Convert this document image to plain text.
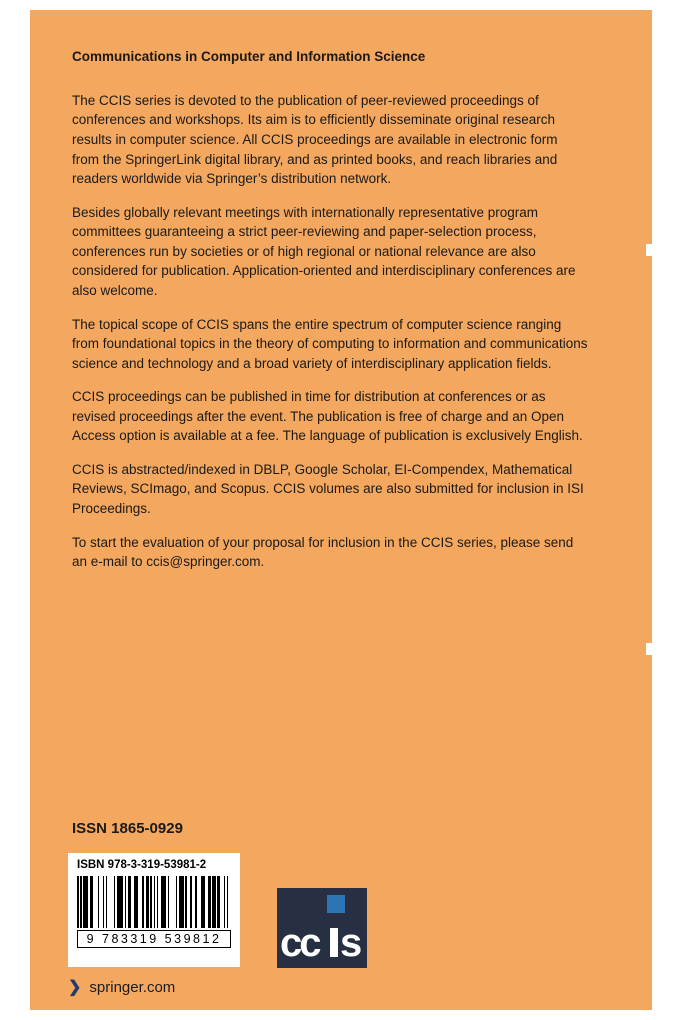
Communications in Computer and Information Science

The CCIS series is devoted to the publication of peer-reviewed proceedings of conferences and workshops. Its aim is to efficiently disseminate original research results in computer science. All CCIS proceedings are available in electronic form from the SpringerLink digital library, and as printed books, and reach libraries and readers worldwide via Springer’s distribution network.

Besides globally relevant meetings with internationally representative program committees guaranteeing a strict peer-reviewing and paper-selection process, conferences run by societies or of high regional or national relevance are also considered for publication. Application-oriented and interdisciplinary conferences are also welcome.

The topical scope of CCIS spans the entire spectrum of computer science ranging from foundational topics in the theory of computing to information and communications science and technology and a broad variety of interdisciplinary application fields.

CCIS proceedings can be published in time for distribution at conferences or as revised proceedings after the event. The publication is free of charge and an Open Access option is available at a fee. The language of publication is exclusively English.

CCIS is abstracted/indexed in DBLP, Google Scholar, EI-Compendex, Mathematical Reviews, SCImago, and Scopus. CCIS volumes are also submitted for inclusion in ISI Proceedings.

To start the evaluation of your proposal for inclusion in the CCIS series, please send an e-mail to ccis@springer.com.

ISSN 1865-0929
ISBN 978-3-319-53981-2
9 783319 539812 cc s
❯ springer.com
